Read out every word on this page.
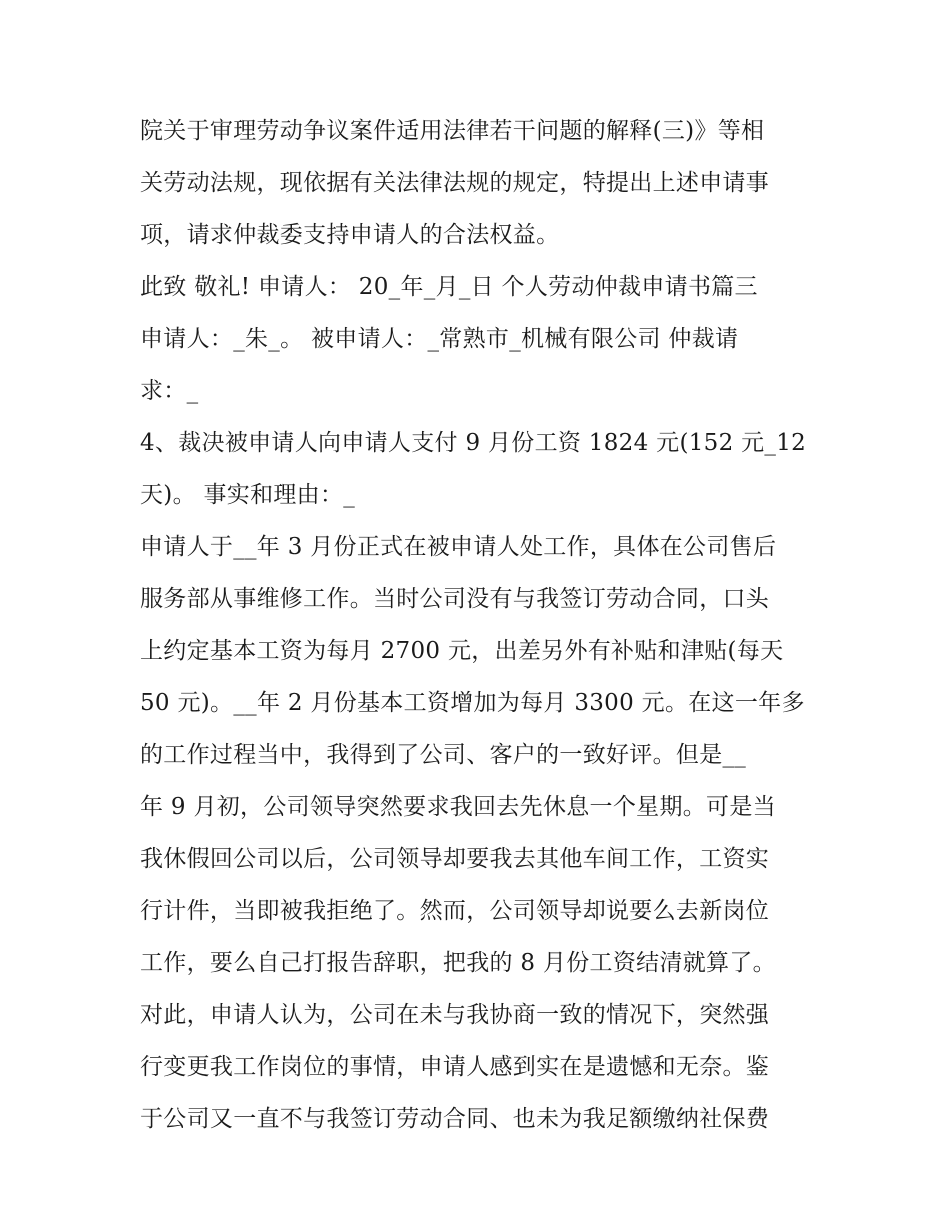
院关于审理劳动争议案件适用法律若干问题的解释(三)》等相
关劳动法规，现依据有关法律法规的规定，特提出上述申请事
项，请求仲裁委支持申请人的合法权益。
此致 敬礼! 申请人： 20_年_月_日 个人劳动仲裁申请书篇三
申请人：_朱_。 被申请人：_常熟市_机械有限公司 仲裁请
求：_
4、裁决被申请人向申请人支付 9 月份工资 1824 元(152 元_12
天)。 事实和理由：_
申请人于__年 3 月份正式在被申请人处工作，具体在公司售后
服务部从事维修工作。当时公司没有与我签订劳动合同，口头
上约定基本工资为每月 2700 元，出差另外有补贴和津贴(每天
50 元)。__年 2 月份基本工资增加为每月 3300 元。在这一年多
的工作过程当中，我得到了公司、客户的一致好评。但是__
年 9 月初，公司领导突然要求我回去先休息一个星期。可是当
我休假回公司以后，公司领导却要我去其他车间工作，工资实
行计件，当即被我拒绝了。然而，公司领导却说要么去新岗位
工作，要么自己打报告辞职，把我的 8 月份工资结清就算了。
对此，申请人认为，公司在未与我协商一致的情况下，突然强
行变更我工作岗位的事情，申请人感到实在是遗憾和无奈。鉴
于公司又一直不与我签订劳动合同、也未为我足额缴纳社保费
